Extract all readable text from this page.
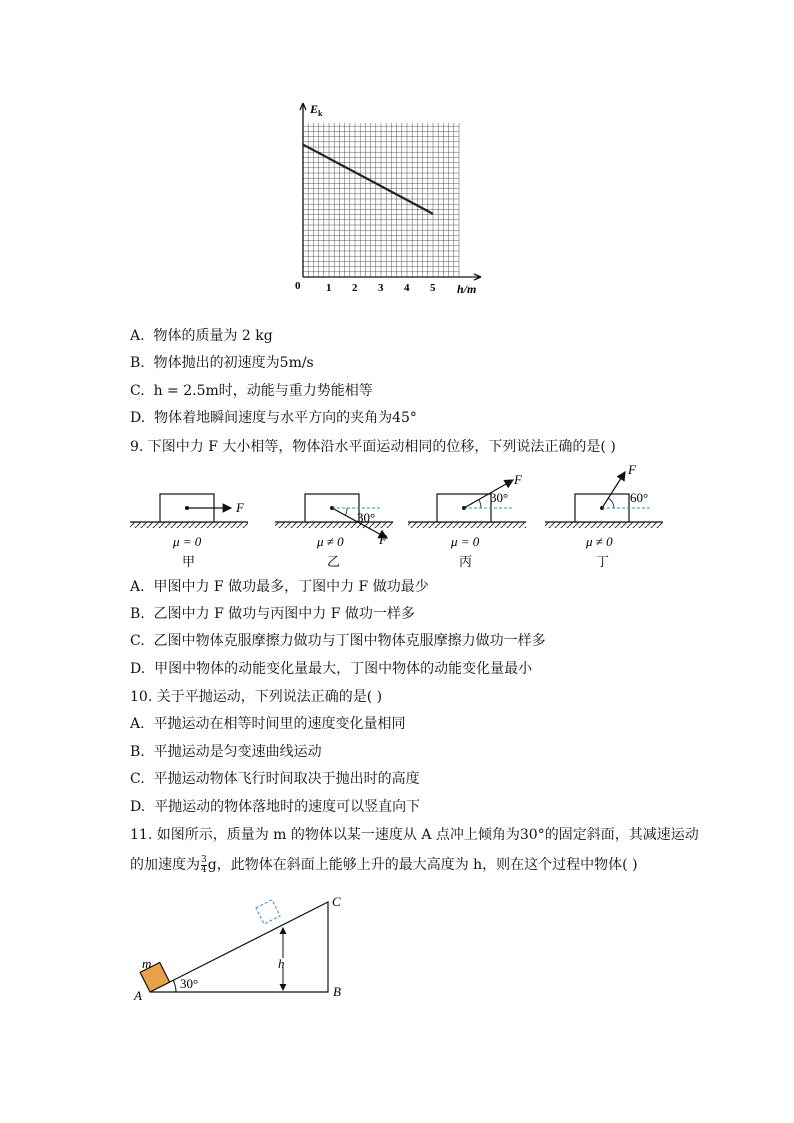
$E_k$
h/m
0 1 2 3 4 5
A. 物体的质量为 2 kg
B. 物体抛出的初速度为5m/s
C. h = 2.5m时，动能与重力势能相等
D. 物体着地瞬间速度与水平方向的夹角为45°
9. 下图中力 F 大小相等，物体沿水平面运动相同的位移，下列说法正确的是( )
F
μ = 0
甲
30°
F
μ ≠ 0
乙
30°
F
μ = 0
丙
60°
F
μ ≠ 0
丁
A. 甲图中力 F 做功最多，丁图中力 F 做功最少
B. 乙图中力 F 做功与丙图中力 F 做功一样多
C. 乙图中物体克服摩擦力做功与丁图中物体克服摩擦力做功一样多
D. 甲图中物体的动能变化量最大，丁图中物体的动能变化量最小
10. 关于平抛运动，下列说法正确的是( )
A. 平抛运动在相等时间里的速度变化量相同
B. 平抛运动是匀变速曲线运动
C. 平抛运动物体飞行时间取决于抛出时的高度
D. 平抛运动的物体落地时的速度可以竖直向下
11. 如图所示，质量为 m 的物体以某一速度从 A 点冲上倾角为30°的固定斜面，其减速运动
的加速度为 $\frac{3}{4}$ g，此物体在斜面上能够上升的最大高度为 h，则在这个过程中物体( )
h
m
A	B
C
30°
